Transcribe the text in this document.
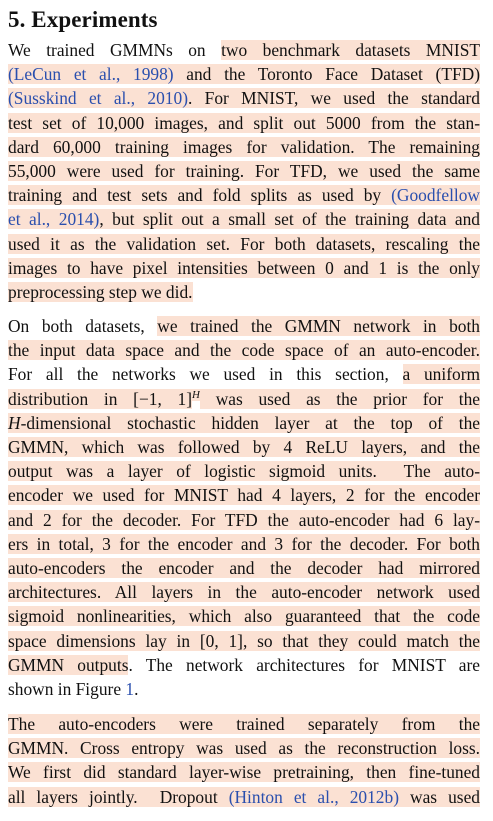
5. Experiments
We trained GMMNs on two benchmark datasets MNIST
(LeCun et al., 1998) and the Toronto Face Dataset (TFD)
(Susskind et al., 2010). For MNIST, we used the standard
test set of 10,000 images, and split out 5000 from the stan-
dard 60,000 training images for validation. The remaining
55,000 were used for training. For TFD, we used the same
training and test sets and fold splits as used by (Goodfellow
et al., 2014), but split out a small set of the training data and
used it as the validation set. For both datasets, rescaling the
images to have pixel intensities between 0 and 1 is the only
preprocessing step we did.
On both datasets, we trained the GMMN network in both
the input data space and the code space of an auto-encoder.
For all the networks we used in this section, a uniform
distribution in [−1, 1]$^H$ was used as the prior for the
H-dimensional stochastic hidden layer at the top of the
GMMN, which was followed by 4 ReLU layers, and the
output was a layer of logistic sigmoid units.  The auto-
encoder we used for MNIST had 4 layers, 2 for the encoder
and 2 for the decoder. For TFD the auto-encoder had 6 lay-
ers in total, 3 for the encoder and 3 for the decoder. For both
auto-encoders the encoder and the decoder had mirrored
architectures. All layers in the auto-encoder network used
sigmoid nonlinearities, which also guaranteed that the code
space dimensions lay in [0, 1], so that they could match the
GMMN outputs. The network architectures for MNIST are
shown in Figure 1.
The auto-encoders were trained separately from the
GMMN. Cross entropy was used as the reconstruction loss.
We first did standard layer-wise pretraining, then fine-tuned
all layers jointly.  Dropout (Hinton et al., 2012b) was used
